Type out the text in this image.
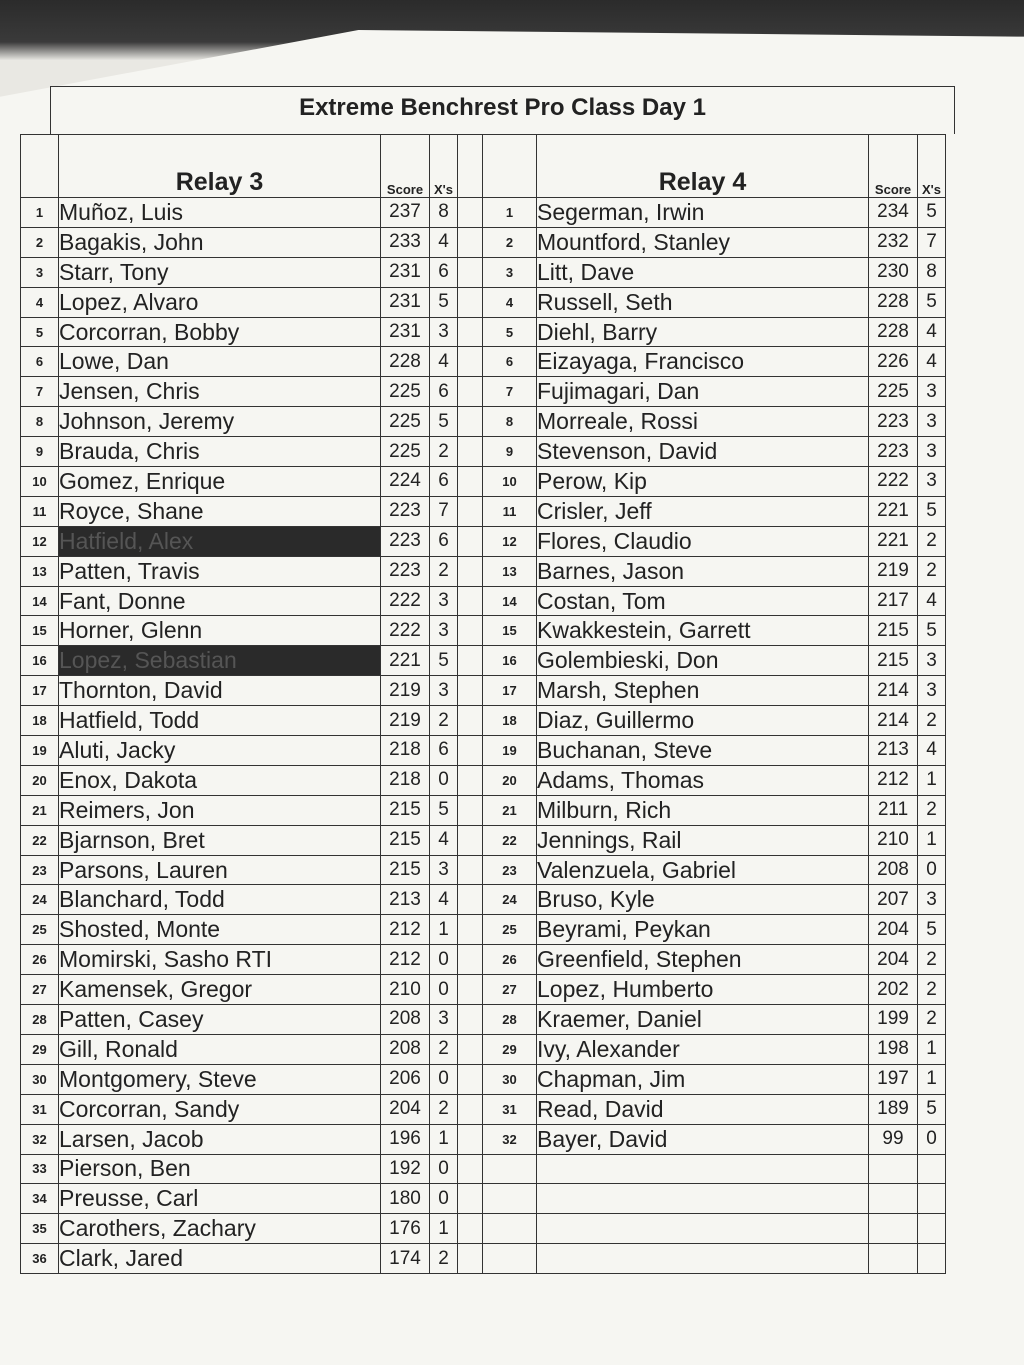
Extreme Benchrest Pro Class Day 1
	Relay 3	Score	X's			Relay 4	Score	X's
1	Muñoz, Luis	237	8		1	Segerman, Irwin	234	5
2	Bagakis, John	233	4		2	Mountford, Stanley	232	7
3	Starr, Tony	231	6		3	Litt, Dave	230	8
4	Lopez, Alvaro	231	5		4	Russell, Seth	228	5
5	Corcorran, Bobby	231	3		5	Diehl, Barry	228	4
6	Lowe, Dan	228	4		6	Eizayaga, Francisco	226	4
7	Jensen, Chris	225	6		7	Fujimagari, Dan	225	3
8	Johnson, Jeremy	225	5		8	Morreale, Rossi	223	3
9	Brauda, Chris	225	2		9	Stevenson, David	223	3
10	Gomez, Enrique	224	6		10	Perow, Kip	222	3
11	Royce, Shane	223	7		11	Crisler, Jeff	221	5
12	Hatfield, Alex	223	6		12	Flores, Claudio	221	2
13	Patten, Travis	223	2		13	Barnes, Jason	219	2
14	Fant, Donne	222	3		14	Costan, Tom	217	4
15	Horner, Glenn	222	3		15	Kwakkestein, Garrett	215	5
16	Lopez, Sebastian	221	5		16	Golembieski, Don	215	3
17	Thornton, David	219	3		17	Marsh, Stephen	214	3
18	Hatfield, Todd	219	2		18	Diaz, Guillermo	214	2
19	Aluti, Jacky	218	6		19	Buchanan, Steve	213	4
20	Enox, Dakota	218	0		20	Adams, Thomas	212	1
21	Reimers, Jon	215	5		21	Milburn, Rich	211	2
22	Bjarnson, Bret	215	4		22	Jennings, Rail	210	1
23	Parsons, Lauren	215	3		23	Valenzuela, Gabriel	208	0
24	Blanchard, Todd	213	4		24	Bruso, Kyle	207	3
25	Shosted, Monte	212	1		25	Beyrami, Peykan	204	5
26	Momirski, Sasho RTI	212	0		26	Greenfield, Stephen	204	2
27	Kamensek, Gregor	210	0		27	Lopez, Humberto	202	2
28	Patten, Casey	208	3		28	Kraemer, Daniel	199	2
29	Gill, Ronald	208	2		29	Ivy, Alexander	198	1
30	Montgomery, Steve	206	0		30	Chapman, Jim	197	1
31	Corcorran, Sandy	204	2		31	Read, David	189	5
32	Larsen, Jacob	196	1		32	Bayer, David	99	0
33	Pierson, Ben	192	0					
34	Preusse, Carl	180	0					
35	Carothers, Zachary	176	1					
36	Clark, Jared	174	2					
